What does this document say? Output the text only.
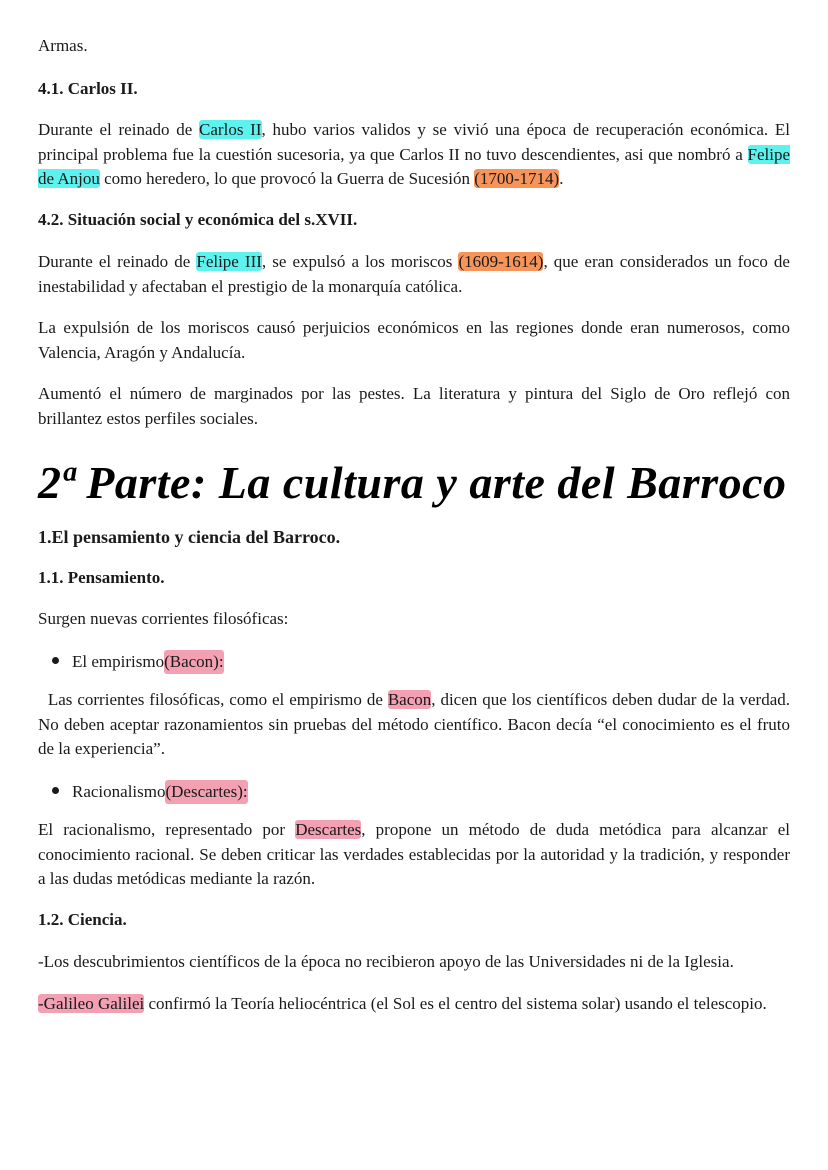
Armas.

4.1. Carlos II.

Durante el reinado de Carlos II, hubo varios validos y se vivió una época de recuperación económica. El principal problema fue la cuestión sucesoria, ya que Carlos II no tuvo descendientes, asi que nombró a Felipe de Anjou como heredero, lo que provocó la Guerra de Sucesión (1700-1714).

4.2. Situación social y económica del s.XVII.

Durante el reinado de Felipe III, se expulsó a los moriscos (1609-1614), que eran considerados un foco de inestabilidad y afectaban el prestigio de la monarquía católica.

La expulsión de los moriscos causó perjuicios económicos en las regiones donde eran numerosos, como Valencia, Aragón y Andalucía.

Aumentó el número de marginados por las pestes. La literatura y pintura del Siglo de Oro reflejó con brillantez estos perfiles sociales.

2ª Parte: La cultura y arte del Barroco

1.El pensamiento y ciencia del Barroco.

1.1. Pensamiento.

Surgen nuevas corrientes filosóficas:

El empirismo (Bacon):

Las corrientes filosóficas, como el empirismo de Bacon, dicen que los científicos deben dudar de la verdad. No deben aceptar razonamientos sin pruebas del método científico. Bacon decía “el conocimiento es el fruto de la experiencia”.

Racionalismo (Descartes):

El racionalismo, representado por Descartes, propone un método de duda metódica para alcanzar el conocimiento racional. Se deben criticar las verdades establecidas por la autoridad y la tradición, y responder a las dudas metódicas mediante la razón.

1.2. Ciencia.

-Los descubrimientos científicos de la época no recibieron apoyo de las Universidades ni de la Iglesia.

-Galileo Galilei confirmó la Teoría heliocéntrica (el Sol es el centro del sistema solar) usando el telescopio.
